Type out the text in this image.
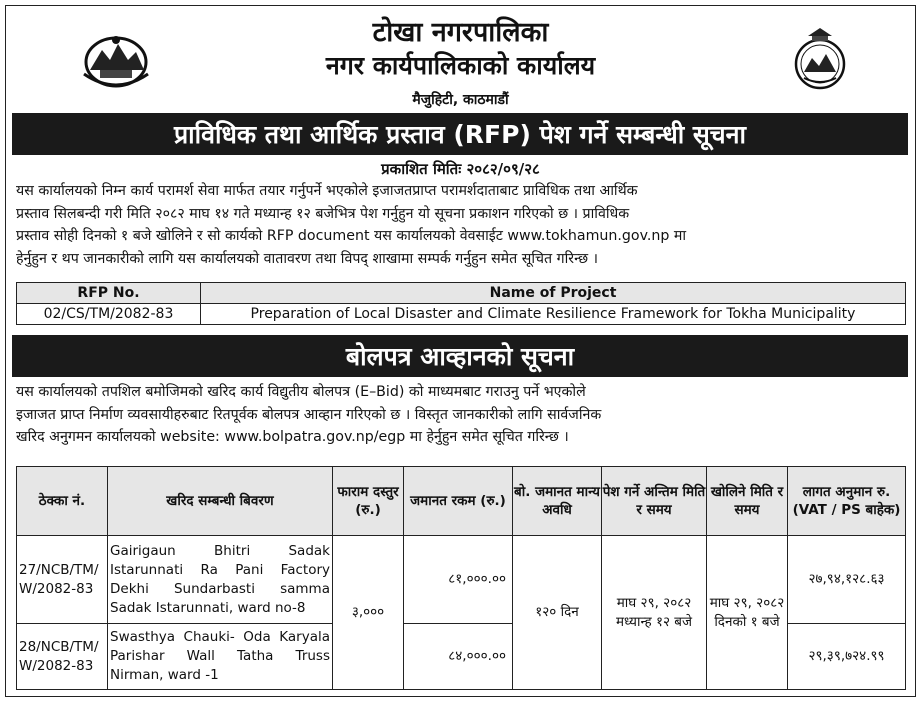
टोखा नगरपालिका
नगर कार्यपालिकाको कार्यालय
मैजुहिटी, काठमाडौं
प्राविधिक तथा आर्थिक प्रस्ताव (RFP) पेश गर्ने सम्बन्धी सूचना
प्रकाशित मितिः २०८२/०९/२८
यस कार्यालयको निम्न कार्य परामर्श सेवा मार्फत तयार गर्नुपर्ने भएकोले इजाजतप्राप्त परामर्शदाताबाट प्राविधिक तथा आर्थिक
प्रस्ताव सिलबन्दी गरी मिति २०८२ माघ १४ गते मध्यान्ह १२ बजेभित्र पेश गर्नुहुन यो सूचना प्रकाशन गरिएको छ । प्राविधिक
प्रस्ताव सोही दिनको १ बजे खोलिने र सो कार्यको RFP document यस कार्यालयको वेवसाईट www.tokhamun.gov.np मा
हेर्नुहुन र थप जानकारीको लागि यस कार्यालयको वातावरण तथा विपद् शाखामा सम्पर्क गर्नुहुन समेत सूचित गरिन्छ ।
RFP No.	Name of Project
02/CS/TM/2082-83	Preparation of Local Disaster and Climate Resilience Framework for Tokha Municipality
बोलपत्र आव्हानको सूचना
यस कार्यालयको तपशिल बमोजिमको खरिद कार्य विद्युतीय बोलपत्र (E–Bid) को माध्यमबाट गराउनु पर्ने भएकोले
इजाजत प्राप्त निर्माण व्यवसायीहरुबाट रितपूर्वक बोलपत्र आव्हान गरिएको छ । विस्तृत जानकारीको लागि सार्वजनिक
खरिद अनुगमन कार्यालयको website: www.bolpatra.gov.np/egp मा हेर्नुहुन समेत सूचित गरिन्छ ।
ठेक्का नं.	खरिद सम्बन्धी बिवरण	फाराम दस्तुर (रु.)	जमानत रकम (रु.)	बो. जमानत मान्य अवधि	पेश गर्ने अन्तिम मिति र समय	खोलिने मिति र समय	लागत अनुमान रु. (VAT / PS बाहेक)
27/NCB/TM/W/2082-83	Gairigaun Bhitri Sadak Istarunnati Ra Pani Factory Dekhi Sundarbasti samma Sadak Istarunnati, ward no-8	३,०००	८१,०००.००	१२० दिन	माघ २९, २०८२ मध्यान्ह १२ बजे	माघ २९, २०८२ दिनको १ बजे	२७,९४,१२८.६३
28/NCB/TM/W/2082-83	Swasthya Chauki- Oda Karyala Parishar Wall Tatha Truss Nirman, ward -1		८४,०००.००				२९,३९,७२४.९९
